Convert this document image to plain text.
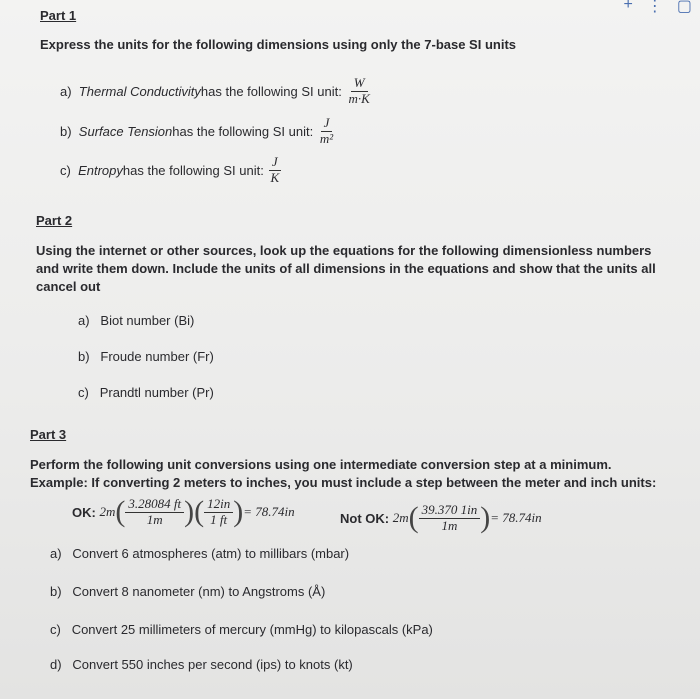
+ ⋮ ▢
Part 1
Express the units for the following dimensions using only the 7-base SI units
a)
Thermal Conductivity has the following SI unit:
$\frac{W}{m\cdot K}$
b)
Surface Tension has the following SI unit:
$\frac{J}{\text{m²}}$
c)
Entropy has the following SI unit:
$\frac{J}{K}$
Part 2
Using the internet or other sources, look up the equations for the following dimensionless numbers
and write them down. Include the units of all dimensions in the equations and show that the units all
cancel out
a) Biot number (Bi)
b) Froude number (Fr)
c) Prandtl number (Pr)
Part 3
Perform the following unit conversions using one intermediate conversion step at a minimum.
Example: If converting 2 meters to inches, you must include a step between the meter and inch units:
OK:
2m ( $\frac{3.28084 ft}{1m}$ ) ( $\frac{12in}{1 ft}$ ) = 78.74in	Not OK:
2m ( $\frac{39.370 1in}{1m}$ ) = 78.74in
a) Convert 6 atmospheres (atm) to millibars (mbar)
b) Convert 8 nanometer (nm) to Angstroms (Å)
c) Convert 25 millimeters of mercury (mmHg) to kilopascals (kPa)
d) Convert 550 inches per second (ips) to knots (kt)
